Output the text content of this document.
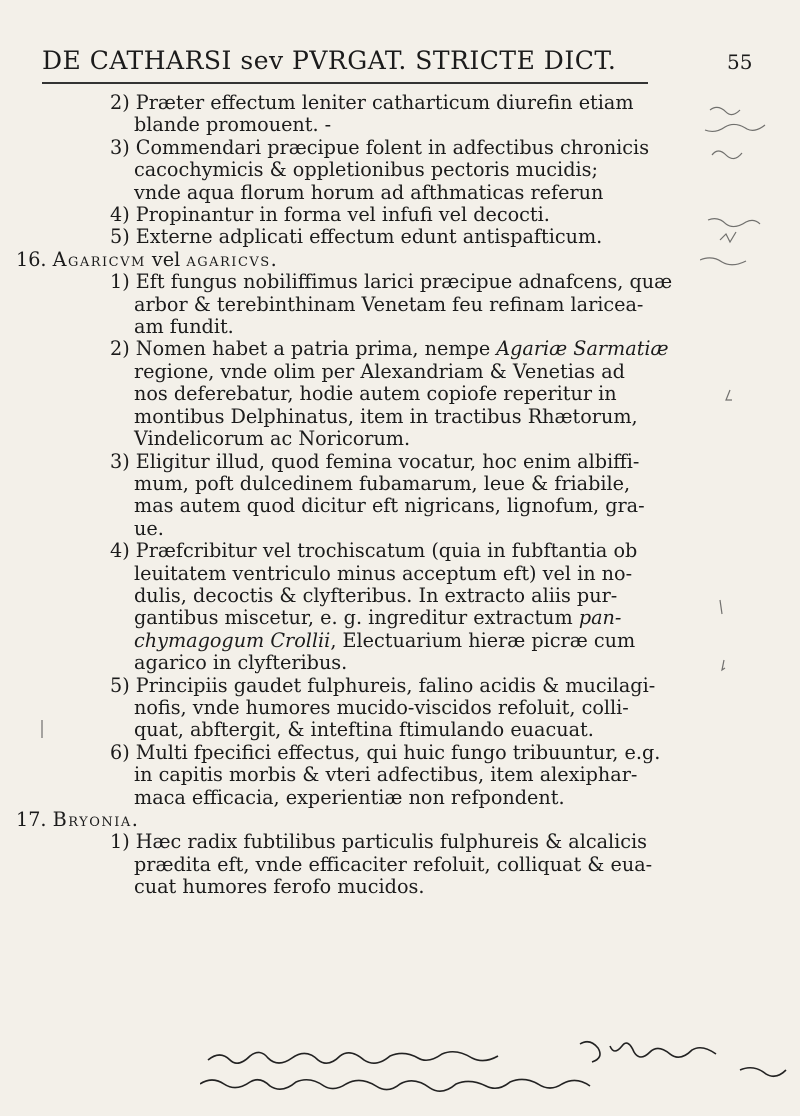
DE CATHARSI sev PVRGAT. STRICTE DICT.	55
2) Præter effectum leniter catharticum diurefin etiam
blande promouent. -
3) Commendari præcipue folent in adfectibus chronicis
cacochymicis & oppletionibus pectoris mucidis;
vnde aqua florum horum ad afthmaticas referun
4) Propinantur in forma vel infufi vel decocti.
5) Externe adplicati effectum edunt antispafticum.
16. Agaricvm vel agaricvs.
1) Eft fungus nobiliffimus larici præcipue adnafcens, quæ
arbor & terebinthinam Venetam feu refinam laricea-
am fundit.
2) Nomen habet a patria prima, nempe Agariæ Sarmatiæ
regione, vnde olim per Alexandriam & Venetias ad
nos deferebatur, hodie autem copiofe reperitur in
montibus Delphinatus, item in tractibus Rhætorum,
Vindelicorum ac Noricorum.
3) Eligitur illud, quod femina vocatur, hoc enim albiffi-
mum, poft dulcedinem fubamarum, leue & friabile,
mas autem quod dicitur eft nigricans, lignofum, gra-
ue.
4) Præfcribitur vel trochiscatum (quia in fubftantia ob
leuitatem ventriculo minus acceptum eft) vel in no-
dulis, decoctis & clyfteribus. In extracto aliis pur-
gantibus miscetur, e. g. ingreditur extractum pan-
chymagogum Crollii, Electuarium hieræ picræ cum
agarico in clyfteribus.
5) Principiis gaudet fulphureis, falino acidis & mucilagi-
nofis, vnde humores mucido-viscidos refoluit, colli-
quat, abftergit, & inteftina ftimulando euacuat.
6) Multi fpecifici effectus, qui huic fungo tribuuntur, e.g.
in capitis morbis & vteri adfectibus, item alexiphar-
maca efficacia, experientiæ non refpondent.
17. Bryonia.
1) Hæc radix fubtilibus particulis fulphureis & alcalicis
prædita eft, vnde efficaciter refoluit, colliquat & eua-
cuat humores ferofo mucidos.
